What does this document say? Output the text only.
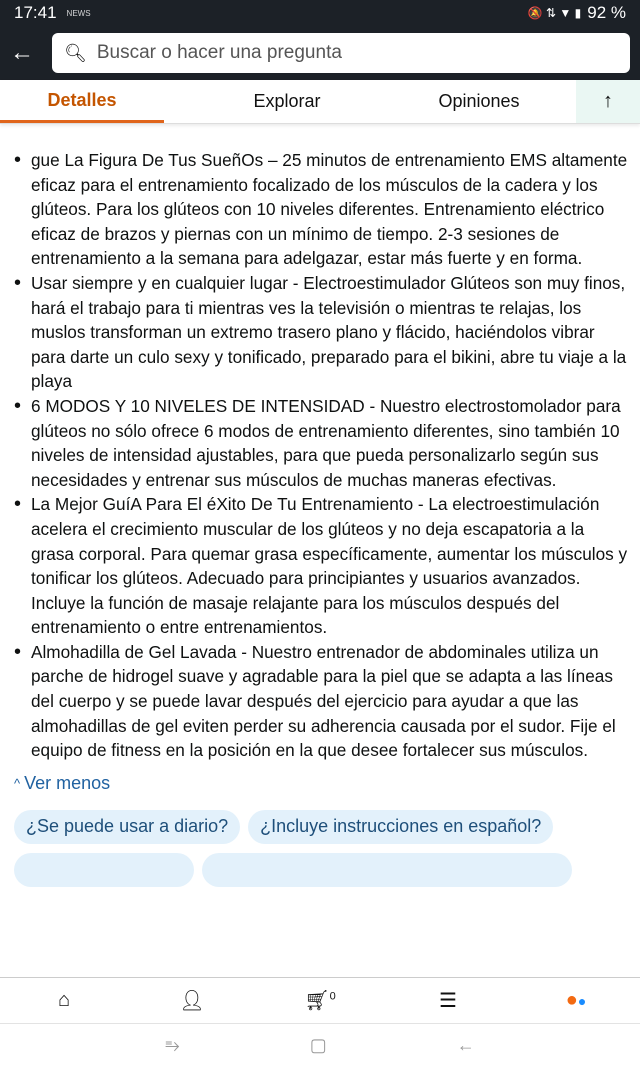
17:41 NEWS	🔕 ⇅ ▼ ▮ 92 %
←	🔍︎ Buscar o hacer una pregunta
Detalles	Explorar	Opiniones	↑
• gue La Figura De Tus SueñOs – 25 minutos de entrenamiento EMS altamente eficaz para el entrenamiento focalizado de los músculos de la cadera y los glúteos. Para los glúteos con 10 niveles diferentes. Entrenamiento eléctrico eficaz de brazos y piernas con un mínimo de tiempo. 2-3 sesiones de entrenamiento a la semana para adelgazar, estar más fuerte y en forma.
• Usar siempre y en cualquier lugar - Electroestimulador Glúteos son muy finos, hará el trabajo para ti mientras ves la televisión o mientras te relajas, los muslos transforman un extremo trasero plano y flácido, haciéndolos vibrar para darte un culo sexy y tonificado, preparado para el bikini, abre tu viaje a la playa
• 6 MODOS Y 10 NIVELES DE INTENSIDAD - Nuestro electrostomolador para glúteos no sólo ofrece 6 modos de entrenamiento diferentes, sino también 10 niveles de intensidad ajustables, para que pueda personalizarlo según sus necesidades y entrenar sus músculos de muchas maneras efectivas.
• La Mejor GuíA Para El éXito De Tu Entrenamiento - La electroestimulación acelera el crecimiento muscular de los glúteos y no deja escapatoria a la grasa corporal. Para quemar grasa específicamente, aumentar los músculos y tonificar los glúteos. Adecuado para principiantes y usuarios avanzados. Incluye la función de masaje relajante para los músculos después del entrenamiento o entre entrenamientos.
• Almohadilla de Gel Lavada - Nuestro entrenador de abdominales utiliza un parche de hidrogel suave y agradable para la piel que se adapta a las líneas del cuerpo y se puede lavar después del ejercicio para ayudar a que las almohadillas de gel eviten perder su adherencia causada por el sudor. Fije el equipo de fitness en la posición en la que desee fortalecer sus músculos.
^ Ver menos
¿Se puede usar a diario?	¿Incluye instrucciones en español?
⌂	👤︎	🛒︎$^0$	☰	●●
⥱	▢	←
